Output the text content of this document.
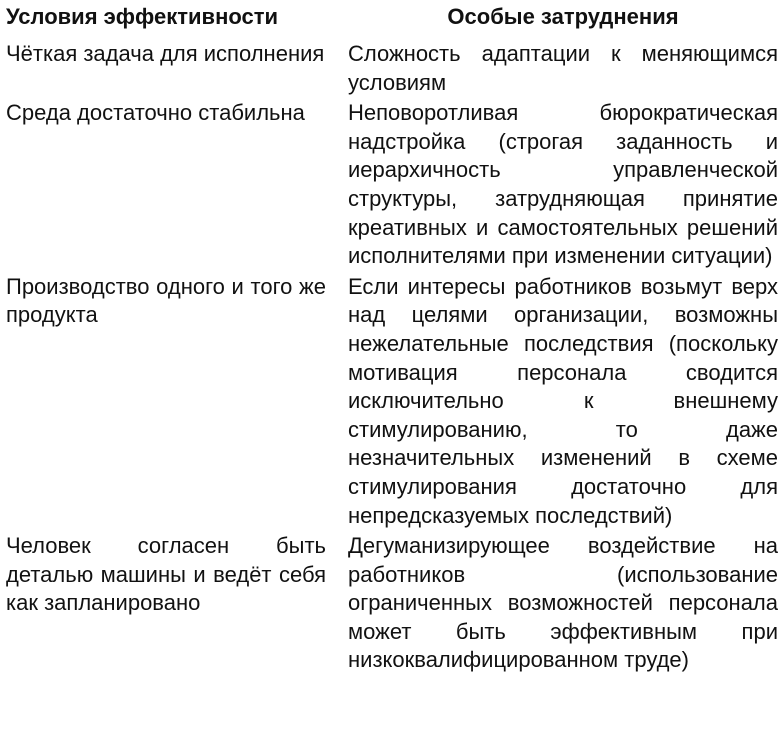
Условия эффективности		Особые затруднения
Чёткая задача для исполнения		Сложность адаптации к меняющимся условиям
Среда достаточно стабильна		Неповоротливая бюрократическая надстройка (строгая заданность и иерархичность управленческой структуры, затрудняющая принятие креативных и самостоятельных решений исполнителями при изменении ситуации)
Производство одного и того же продукта		Если интересы работников возьмут верх над целями организации, возможны нежелательные последствия (поскольку мотивация персонала сводится исключительно к внешнему стимулированию, то даже незначительных изменений в схеме стимулирования достаточно для непредсказуемых последствий)
Человек согласен быть деталью машины и ведёт себя как запланировано		Дегуманизирующее воздействие на работников (использование ограниченных возможностей персонала может быть эффективным при низкоквалифицированном труде)
